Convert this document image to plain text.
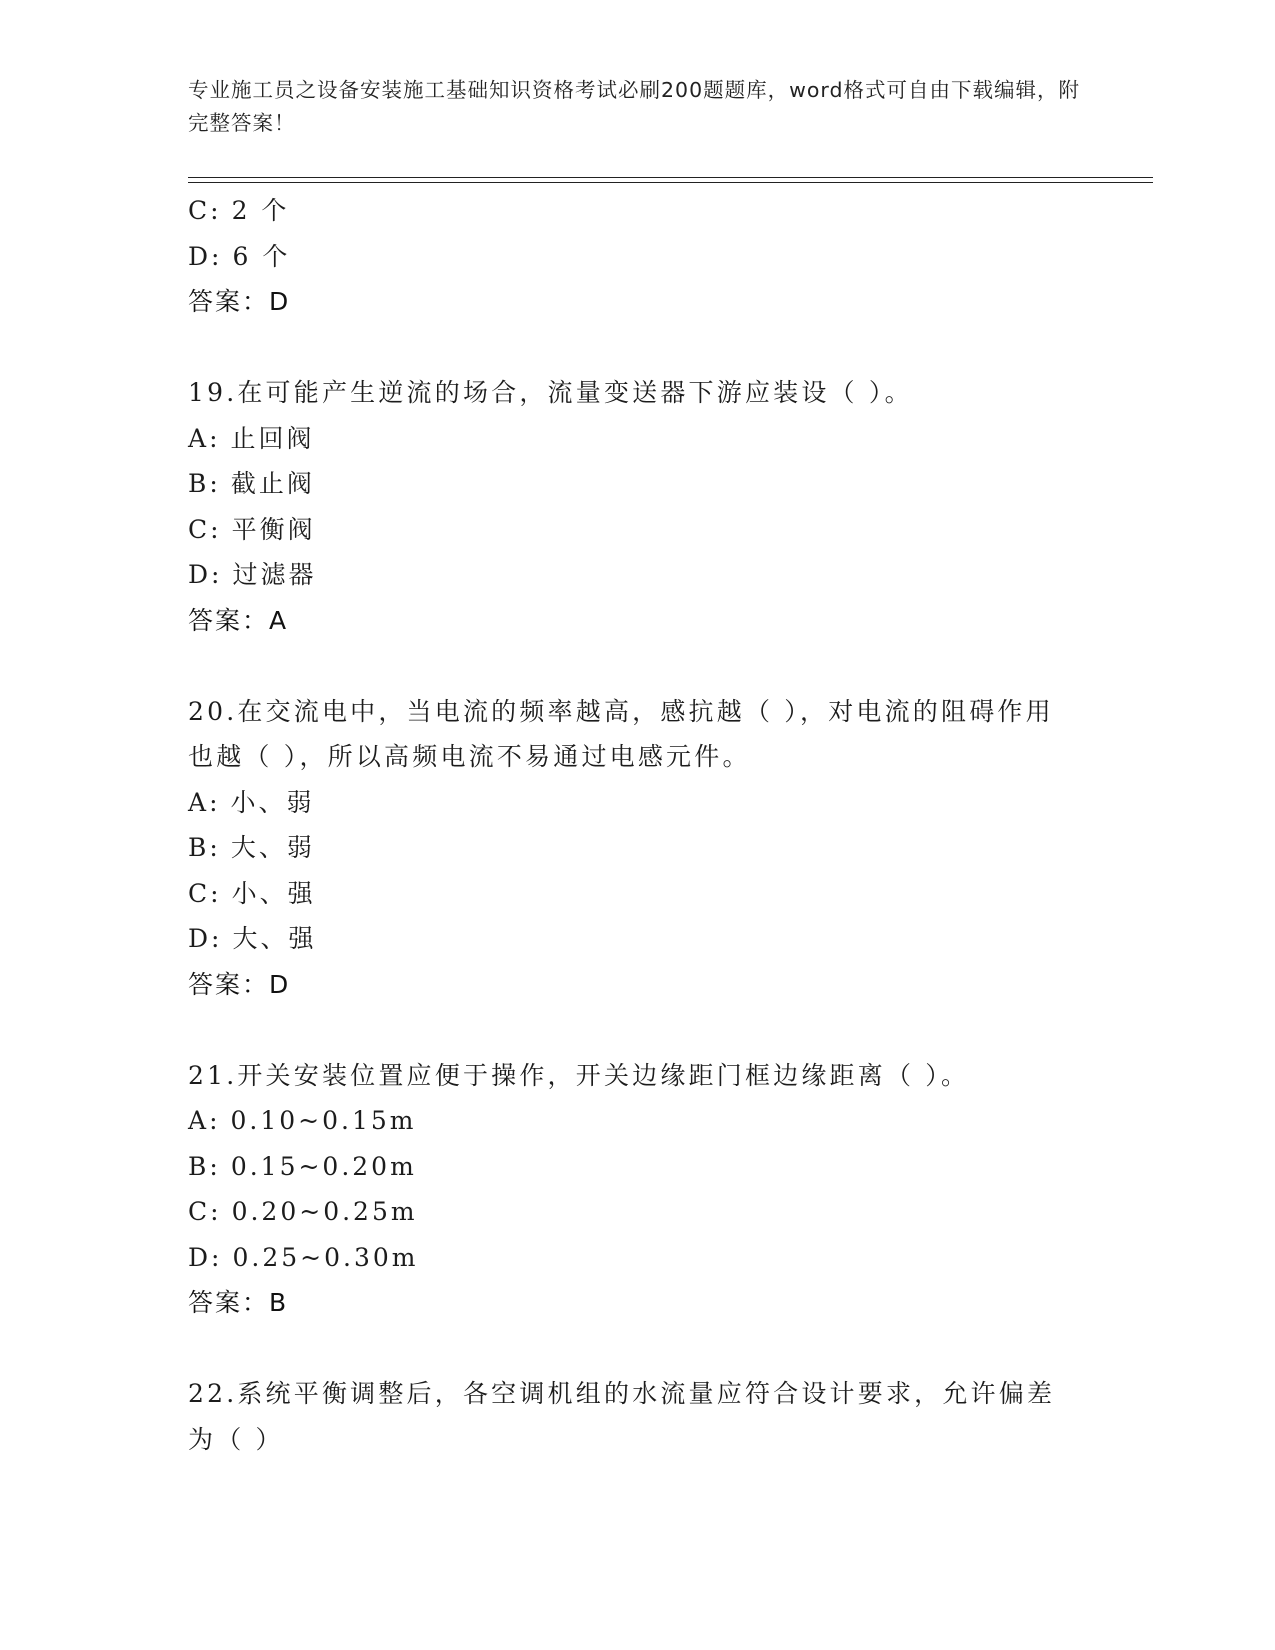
专业施工员之设备安装施工基础知识资格考试必刷200题题库，word格式可自由下载编辑，附完整答案！
C: 2 个
D: 6 个
答案：D
19.在可能产生逆流的场合，流量变送器下游应装设（ ）。
A: 止回阀
B: 截止阀
C: 平衡阀
D: 过滤器
答案：A
20.在交流电中，当电流的频率越高，感抗越（ ），对电流的阻碍作用也越（ ），所以高频电流不易通过电感元件。
A: 小、弱
B: 大、弱
C: 小、强
D: 大、强
答案：D
21.开关安装位置应便于操作，开关边缘距门框边缘距离（ ）。
A: 0.10~0.15m
B: 0.15~0.20m
C: 0.20~0.25m
D: 0.25~0.30m
答案：B
22.系统平衡调整后，各空调机组的水流量应符合设计要求，允许偏差为（ ）
